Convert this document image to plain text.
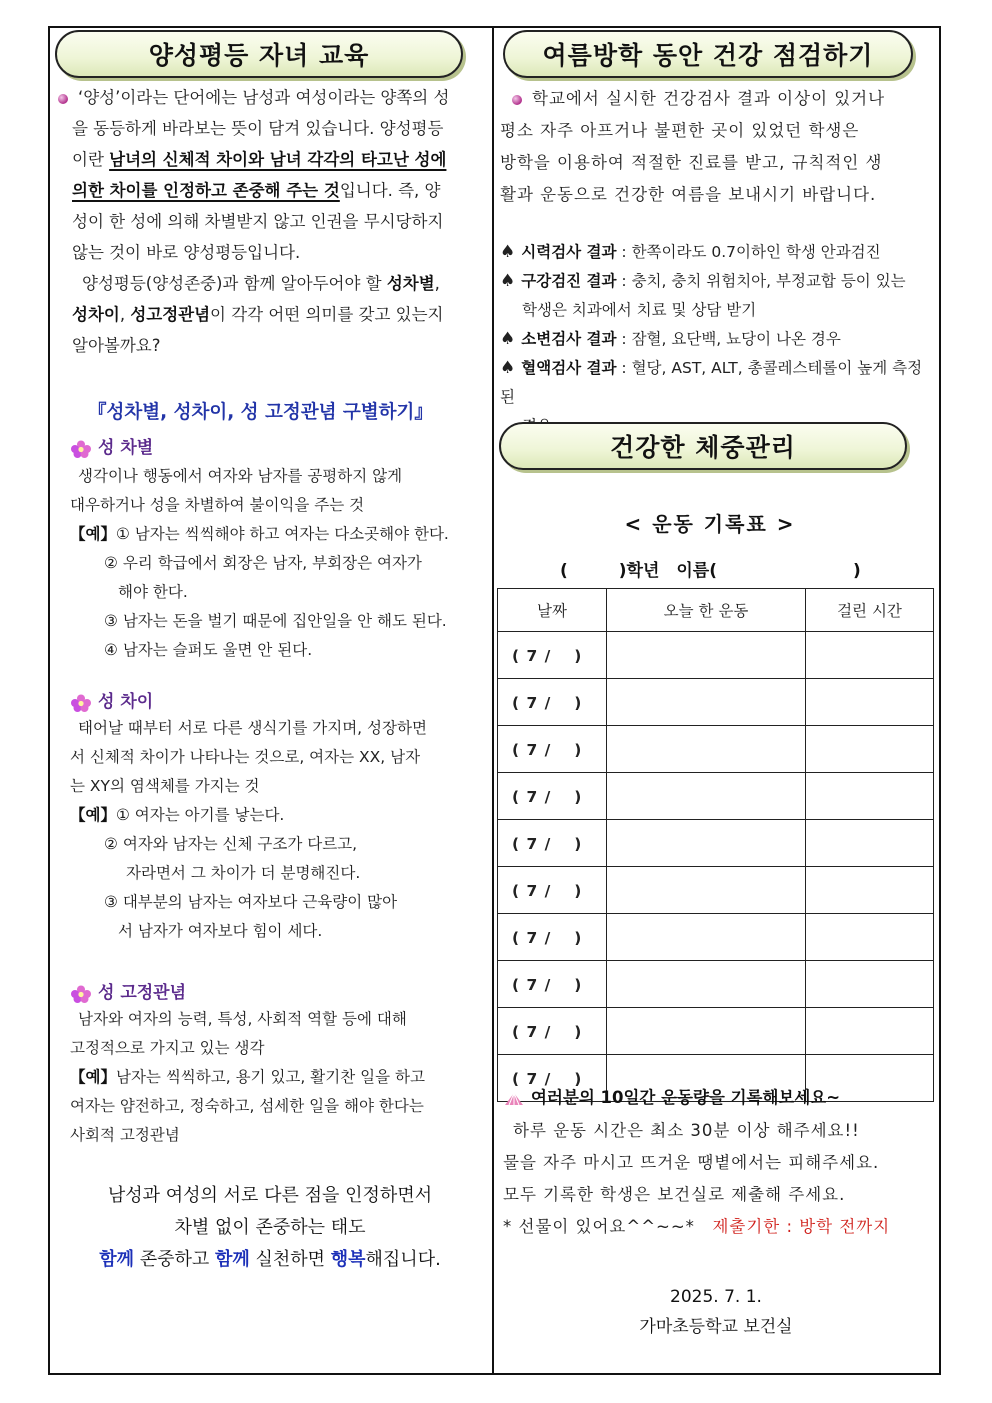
양성평등 자녀 교육
‘양성’이라는 단어에는 남성과 여성이라는 양쪽의 성
을 동등하게 바라보는 뜻이 담겨 있습니다. 양성평등
이란 남녀의 신체적 차이와 남녀 각각의 타고난 성에
의한 차이를 인정하고 존중해 주는 것입니다. 즉, 양
성이 한 성에 의해 차별받지 않고 인권을 무시당하지
않는 것이 바로 양성평등입니다.
양성평등(양성존중)과 함께 알아두어야 할 성차별,
성차이, 성고정관념이 각각 어떤 의미를 갖고 있는지
알아볼까요?
『성차별, 성차이, 성 고정관념 구별하기』
성 차별
생각이나 행동에서 여자와 남자를 공평하지 않게
대우하거나 성을 차별하여 불이익을 주는 것
【예】① 남자는 씩씩해야 하고 여자는 다소곳해야 한다.
② 우리 학급에서 회장은 남자, 부회장은 여자가
해야 한다.
③ 남자는 돈을 벌기 때문에 집안일을 안 해도 된다.
④ 남자는 슬퍼도 울면 안 된다.
성 차이
태어날 때부터 서로 다른 생식기를 가지며, 성장하면
서 신체적 차이가 나타나는 것으로, 여자는 XX, 남자
는 XY의 염색체를 가지는 것
【예】① 여자는 아기를 낳는다.
② 여자와 남자는 신체 구조가 다르고,
자라면서 그 차이가 더 분명해진다.
③ 대부분의 남자는 여자보다 근육량이 많아
서 남자가 여자보다 힘이 세다.
성 고정관념
남자와 여자의 능력, 특성, 사회적 역할 등에 대해
고정적으로 가지고 있는 생각
【예】남자는 씩씩하고, 용기 있고, 활기찬 일을 하고
여자는 얌전하고, 정숙하고, 섬세한 일을 해야 한다는
사회적 고정관념
남성과 여성의 서로 다른 점을 인정하면서
차별 없이 존중하는 태도
함께 존중하고 함께 실천하면 행복해집니다.
여름방학 동안 건강 점검하기
학교에서 실시한 건강검사 결과 이상이 있거나
평소 자주 아프거나 불편한 곳이 있었던 학생은
방학을 이용하여 적절한 진료를 받고, 규칙적인 생
활과 운동으로 건강한 여름을 보내시기 바랍니다.
♠ 시력검사 결과 : 한쪽이라도 0.7이하인 학생 안과검진
♠ 구강검진 결과 : 충치, 충치 위험치아, 부정교합 등이 있는
학생은 치과에서 치료 및 상담 받기
♠ 소변검사 결과 : 잠혈, 요단백, 뇨당이 나온 경우
♠ 혈액검사 결과 : 혈당, AST, ALT, 총콜레스테롤이 높게 측정된
건강한 체중관리
< 운동 기록표 >
(　　　)학년　이름(　　　　　　　　)
날짜	오늘 한 운동	걸린 시간
( 7 /　 )		
( 7 /　 )		
( 7 /　 )		
( 7 /　 )		
( 7 /　 )		
( 7 /　 )		
( 7 /　 )		
( 7 /　 )		
( 7 /　 )		
( 7 /　 )		
여러분의 10일간 운동량을 기록해보세요~
하루 운동 시간은 최소 30분 이상 해주세요!!
물을 자주 마시고 뜨거운 땡볕에서는 피해주세요.
모두 기록한 학생은 보건실로 제출해 주세요.
* 선물이 있어요^^~~*　 제출기한 : 방학 전까지
2025. 7. 1.
가마초등학교 보건실
